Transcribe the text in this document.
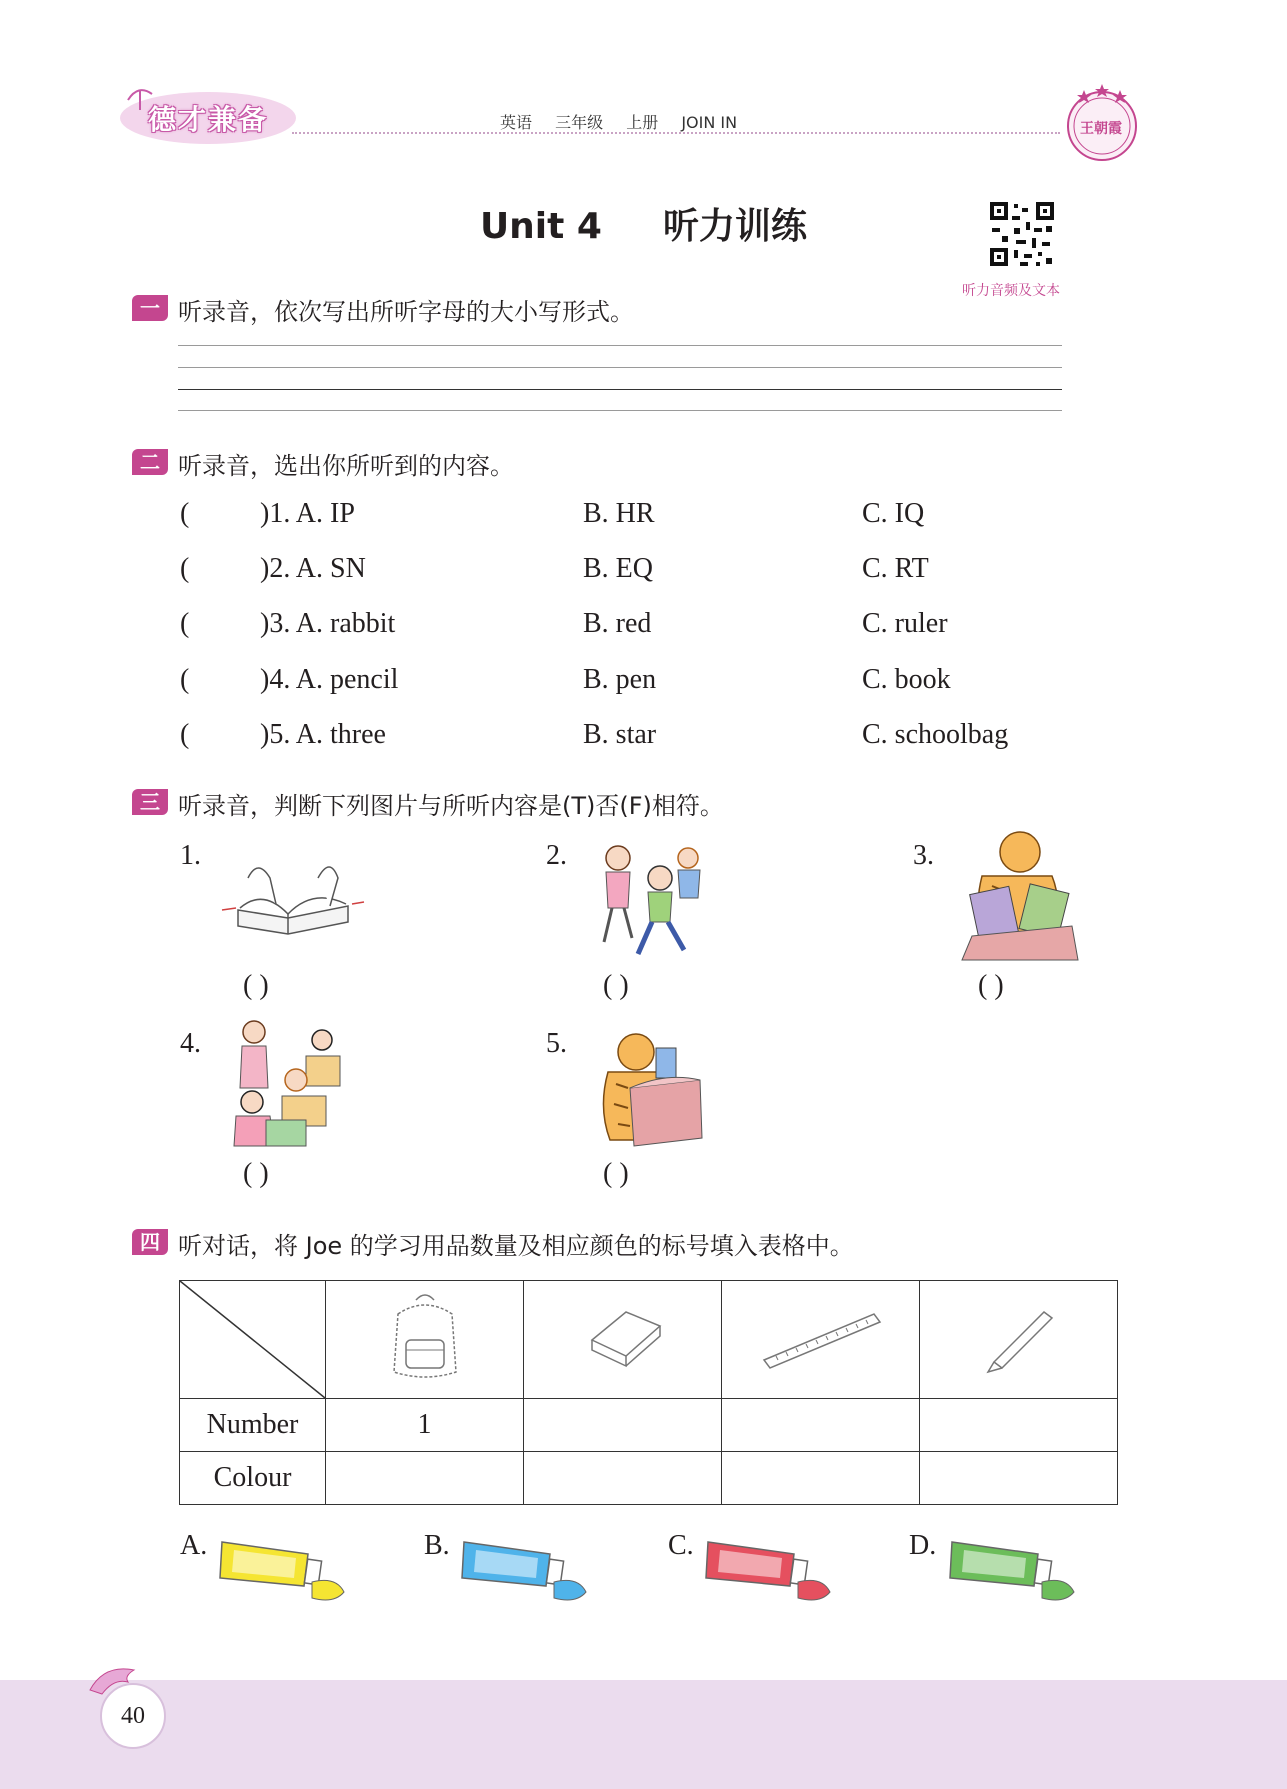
德才兼备	英语 三年级 上册 JOIN IN	王朝霞
Unit 4 听力训练
听力音频及文本
一 听录音，依次写出所听字母的大小写形式。
二 听录音，选出你所听到的内容。
(	)1. A. IP	B. HR	C. IQ
(	)2. A. SN	B. EQ	C. RT
(	)3. A. rabbit	B. red	C. ruler
(	)4. A. pencil	B. pen	C. book
(	)5. A. three	B. star	C. schoolbag
三 听录音，判断下列图片与所听内容是(T)否(F)相符。
1.
( )
2.
( )
3.
( )
4.
( )
5.
( )
四 听对话，将 Joe 的学习用品数量及相应颜色的标号填入表格中。

Number	1			
Colour				
A.	B.	C.	D.
40
